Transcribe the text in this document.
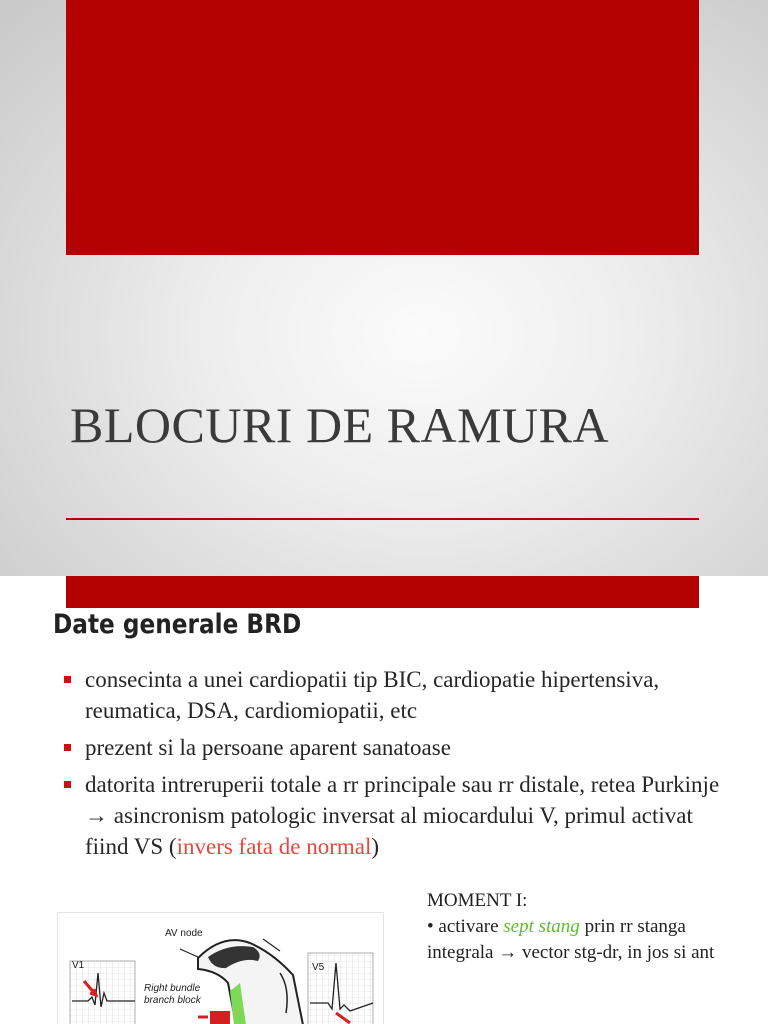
BLOCURI DE RAMURA
Date generale BRD
consecinta a unei cardiopatii tip BIC, cardiopatie hipertensiva, reumatica, DSA, cardiomiopatii, etc
prezent si la persoane aparent sanatoase
datorita intreruperii totale a rr principale sau rr distale, retea Purkinje → asincronism patologic inversat al miocardului V, primul activat fiind VS (invers fata de normal)
V1	V5
AV node
Right bundle
branch block
MOMENT I:
• activare sept stang prin rr stanga integrala → vector stg-dr, in jos si ant
